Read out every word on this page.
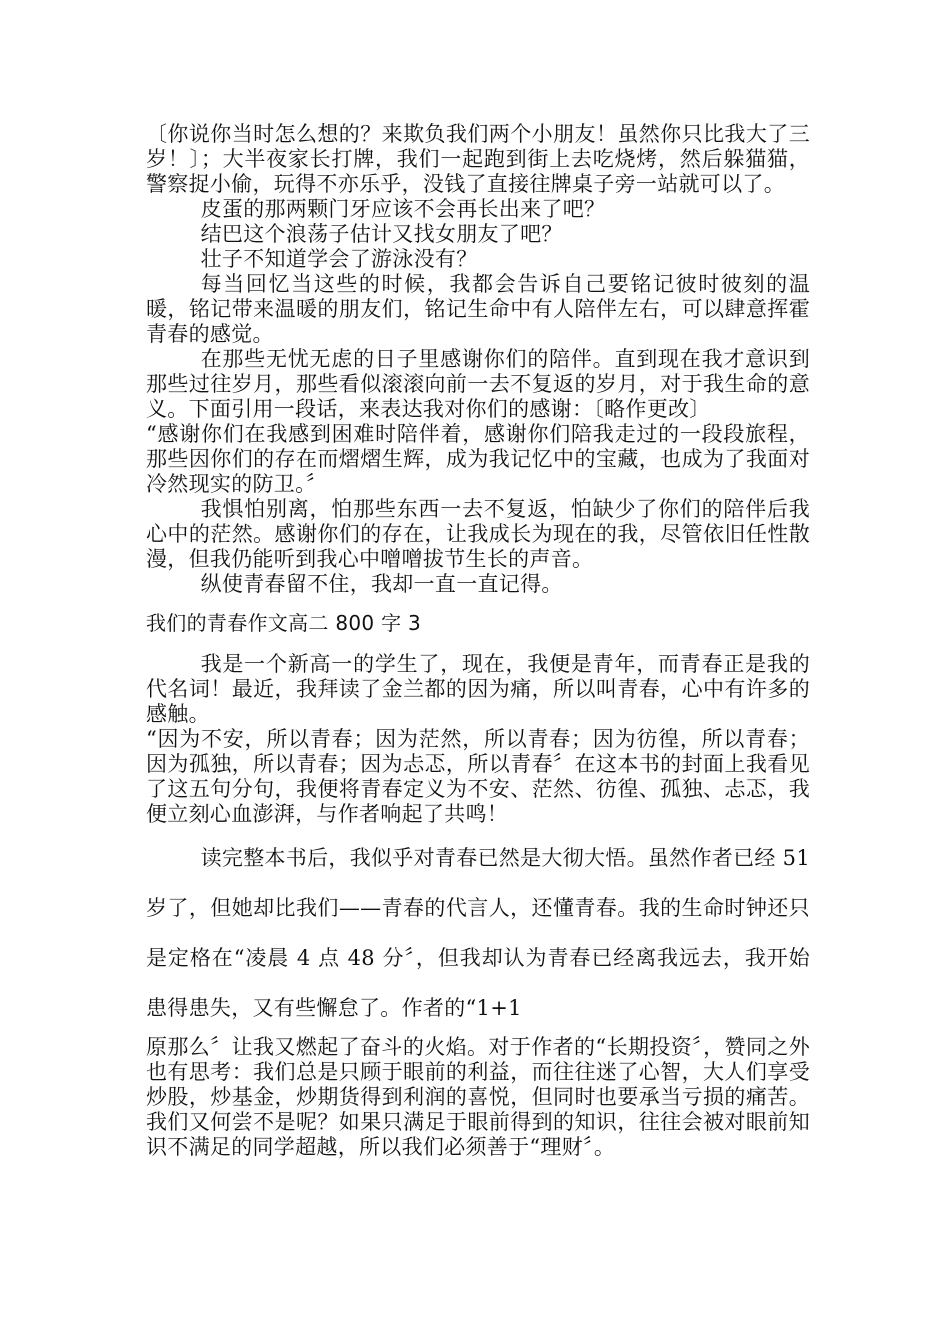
〔你说你当时怎么想的？来欺负我们两个小朋友！虽然你只比我大了三岁！〕；大半夜家长打牌，我们一起跑到街上去吃烧烤，然后躲猫猫，警察捉小偷，玩得不亦乐乎，没钱了直接往牌桌子旁一站就可以了。

皮蛋的那两颗门牙应该不会再长出来了吧？

结巴这个浪荡子估计又找女朋友了吧？

壮子不知道学会了游泳没有？

每当回忆当这些的时候，我都会告诉自己要铭记彼时彼刻的温暖，铭记带来温暖的朋友们，铭记生命中有人陪伴左右，可以肆意挥霍青春的感觉。

在那些无忧无虑的日子里感谢你们的陪伴。直到现在我才意识到那些过往岁月，那些看似滚滚向前一去不复返的岁月，对于我生命的意义。下面引用一段话，来表达我对你们的感谢：〔略作更改〕

“感谢你们在我感到困难时陪伴着，感谢你们陪我走过的一段段旅程，那些因你们的存在而熠熠生辉，成为我记忆中的宝藏，也成为了我面对冷然现实的防卫。〞

我惧怕别离，怕那些东西一去不复返，怕缺少了你们的陪伴后我心中的茫然。感谢你们的存在，让我成长为现在的我，尽管依旧任性散漫，但我仍能听到我心中噌噌拔节生长的声音。

纵使青春留不住，我却一直一直记得。

我们的青春作文高二 800 字 3

我是一个新高一的学生了，现在，我便是青年，而青春正是我的代名词！最近，我拜读了金兰都的因为痛，所以叫青春，心中有许多的感触。

“因为不安，所以青春；因为茫然，所以青春；因为彷徨，所以青春；因为孤独，所以青春；因为忐忑，所以青春〞在这本书的封面上我看见了这五句分句，我便将青春定义为不安、茫然、彷徨、孤独、忐忑，我便立刻心血澎湃，与作者响起了共鸣！

读完整本书后，我似乎对青春已然是大彻大悟。虽然作者已经 51 岁了，但她却比我们——青春的代言人，还懂青春。我的生命时钟还只是定格在“凌晨 4 点 48 分〞，但我却认为青春已经离我远去，我开始患得患失，又有些懈怠了。作者的“1+1

原那么〞让我又燃起了奋斗的火焰。对于作者的“长期投资〞，赞同之外也有思考：我们总是只顾于眼前的利益，而往往迷了心智，大人们享受炒股，炒基金，炒期货得到利润的喜悦，但同时也要承当亏损的痛苦。我们又何尝不是呢？如果只满足于眼前得到的知识，往往会被对眼前知识不满足的同学超越，所以我们必须善于“理财〞。
